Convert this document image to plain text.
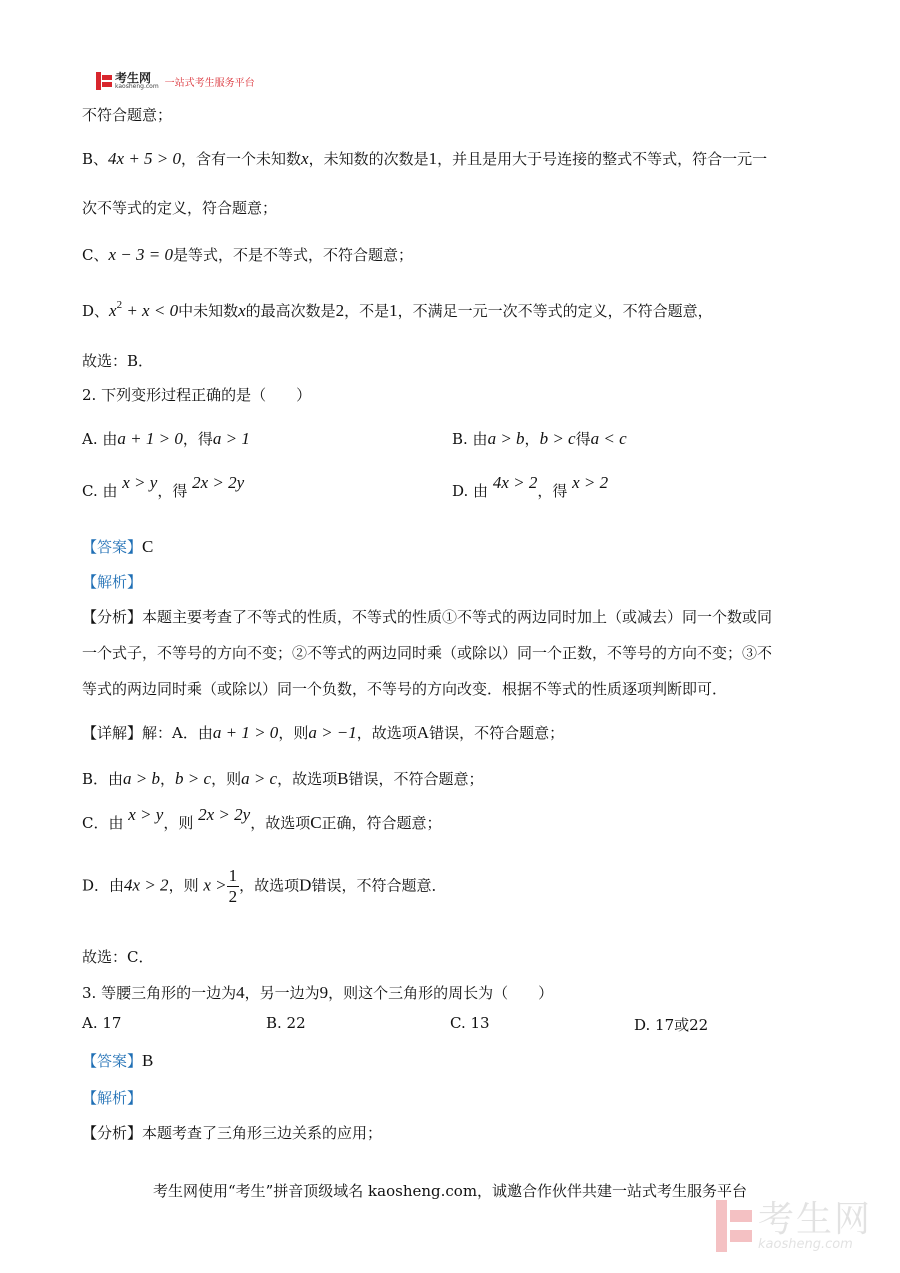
考生网
kaosheng.com 一站式考生服务平台
不符合题意；
B、4x + 5 > 0，含有一个未知数x，未知数的次数是1，并且是用大于号连接的整式不等式，符合一元一
次不等式的定义，符合题意；
C、x − 3 = 0是等式，不是不等式，不符合题意；
D、$x^2 + x < 0$中未知数x的最高次数是2，不是1，不满足一元一次不等式的定义，不符合题意，
故选：B．
2. 下列变形过程正确的是（　　）
A. 由a + 1 > 0，得a > 1	B. 由a > b，b > c得a < c
C. 由 x > y，得 2x > 2y	D. 由 4x > 2，得 x > 2
【答案】C
【解析】
【分析】本题主要考查了不等式的性质，不等式的性质①不等式的两边同时加上（或减去）同一个数或同
一个式子，不等号的方向不变；②不等式的两边同时乘（或除以）同一个正数，不等号的方向不变；③不
等式的两边同时乘（或除以）同一个负数，不等号的方向改变．根据不等式的性质逐项判断即可．
【详解】解：A．由a + 1 > 0，则a > −1，故选项A错误，不符合题意；
B．由a > b，b > c，则a > c，故选项B错误，不符合题意；
C．由 x > y，则 2x > 2y，故选项C正确，符合题意；
D．由4x > 2，则 $x > \frac{1}{2}$ ，故选项D错误，不符合题意．
故选：C．
3. 等腰三角形的一边为4，另一边为9，则这个三角形的周长为（　　）
A. 17	B. 22	C. 13	D. 17或22
【答案】B
【解析】
【分析】本题考查了三角形三边关系的应用；
考生网使用“考生”拼音顶级域名 kaosheng.com，诚邀合作伙伴共建一站式考生服务平台
考生网
kaosheng.com
